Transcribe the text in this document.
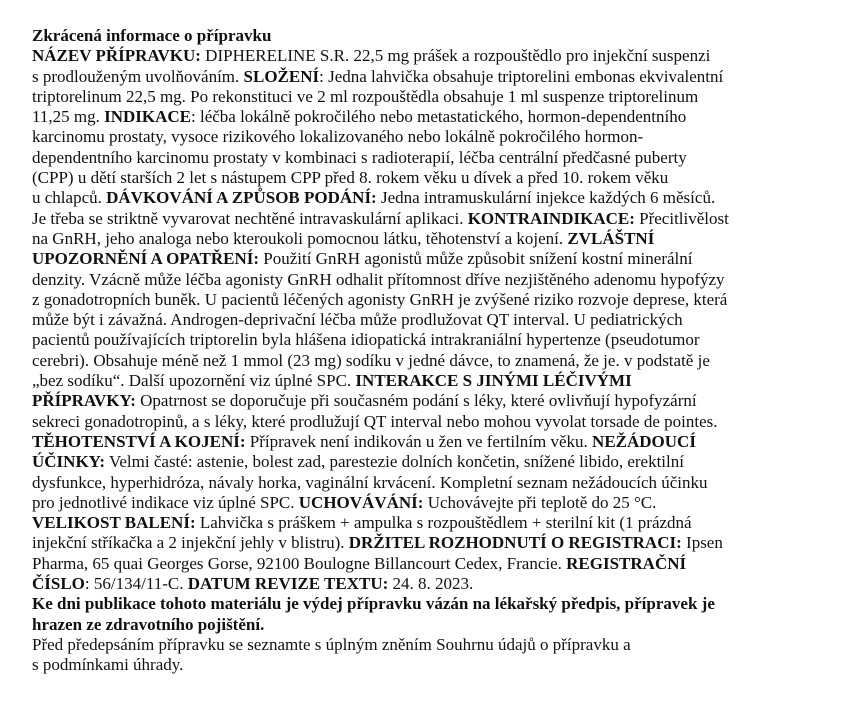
Zkrácená informace o přípravku
NÁZEV PŘÍPRAVKU: DIPHERELINE S.R. 22,5 mg prášek a rozpouštědlo pro injekční suspenzi
s prodlouženým uvolňováním. SLOŽENÍ: Jedna lahvička obsahuje triptorelini embonas ekvivalentní
triptorelinum 22,5 mg. Po rekonstituci ve 2 ml rozpouštědla obsahuje 1 ml suspenze triptorelinum
11,25 mg. INDIKACE: léčba lokálně pokročilého nebo metastatického, hormon-dependentního
karcinomu prostaty, vysoce rizikového lokalizovaného nebo lokálně pokročilého hormon-
dependentního karcinomu prostaty v kombinaci s radioterapií, léčba centrální předčasné puberty
(CPP) u dětí starších 2 let s nástupem CPP před 8. rokem věku u dívek a před 10. rokem věku
u chlapců. DÁVKOVÁNÍ A ZPŮSOB PODÁNÍ: Jedna intramuskulární injekce každých 6 měsíců.
Je třeba se striktně vyvarovat nechtěné intravaskulární aplikaci. KONTRAINDIKACE: Přecitlivělost
na GnRH, jeho analoga nebo kteroukoli pomocnou látku, těhotenství a kojení. ZVLÁŠTNÍ
UPOZORNĚNÍ A OPATŘENÍ: Použití GnRH agonistů může způsobit snížení kostní minerální
denzity. Vzácně může léčba agonisty GnRH odhalit přítomnost dříve nezjištěného adenomu hypofýzy
z gonadotropních buněk. U pacientů léčených agonisty GnRH je zvýšené riziko rozvoje deprese, která
může být i závažná. Androgen-deprivační léčba může prodlužovat QT interval. U pediatrických
pacientů používajících triptorelin byla hlášena idiopatická intrakraniální hypertenze (pseudotumor
cerebri). Obsahuje méně než 1 mmol (23 mg) sodíku v jedné dávce, to znamená, že je. v podstatě je
„bez sodíku“. Další upozornění viz úplné SPC. INTERAKCE S JINÝMI LÉČIVÝMI
PŘÍPRAVKY: Opatrnost se doporučuje při současném podání s léky, které ovlivňují hypofyzární
sekreci gonadotropinů, a s léky, které prodlužují QT interval nebo mohou vyvolat torsade de pointes.
TĚHOTENSTVÍ A KOJENÍ: Přípravek není indikován u žen ve fertilním věku. NEŽÁDOUCÍ
ÚČINKY: Velmi časté: astenie, bolest zad, parestezie dolních končetin, snížené libido, erektilní
dysfunkce, hyperhidróza, návaly horka, vaginální krvácení. Kompletní seznam nežádoucích účinku
pro jednotlivé indikace viz úplné SPC. UCHOVÁVÁNÍ: Uchovávejte při teplotě do 25 °C.
VELIKOST BALENÍ: Lahvička s práškem + ampulka s rozpouštědlem + sterilní kit (1 prázdná
injekční stříkačka a 2 injekční jehly v blistru). DRŽITEL ROZHODNUTÍ O REGISTRACI: Ipsen
Pharma, 65 quai Georges Gorse, 92100 Boulogne Billancourt Cedex, Francie. REGISTRAČNÍ
ČÍSLO: 56/134/11-C. DATUM REVIZE TEXTU: 24. 8. 2023.
Ke dni publikace tohoto materiálu je výdej přípravku vázán na lékařský předpis, přípravek je
hrazen ze zdravotního pojištění.
Před předepsáním přípravku se seznamte s úplným zněním Souhrnu údajů o přípravku a
s podmínkami úhrady.
